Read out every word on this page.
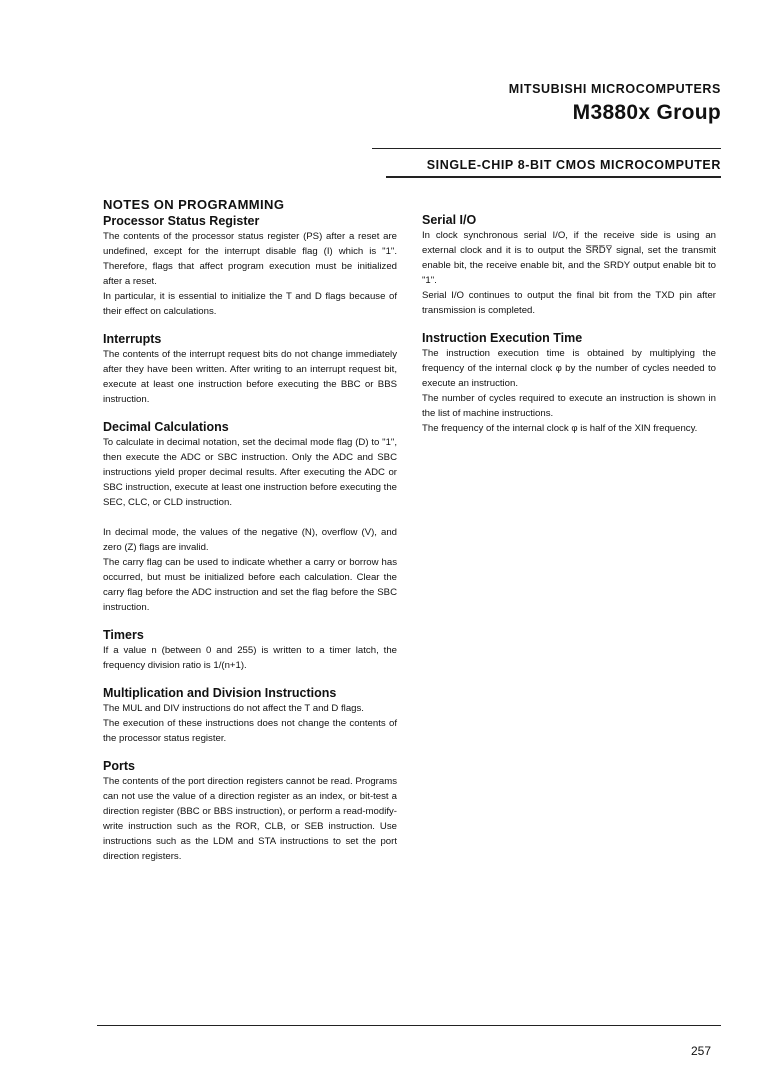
MITSUBISHI MICROCOMPUTERS
M3880x Group
SINGLE-CHIP 8-BIT CMOS MICROCOMPUTER
NOTES ON PROGRAMMING
Processor Status Register

The contents of the processor status register (PS) after a reset are undefined, except for the interrupt disable flag (I) which is "1". Therefore, flags that affect program execution must be initialized after a reset.

In particular, it is essential to initialize the T and D flags because of their effect on calculations.

Interrupts

The contents of the interrupt request bits do not change immediately after they have been written. After writing to an interrupt request bit, execute at least one instruction before executing the BBC or BBS instruction.

Decimal Calculations

To calculate in decimal notation, set the decimal mode flag (D) to "1", then execute the ADC or SBC instruction. Only the ADC and SBC instructions yield proper decimal results. After executing the ADC or SBC instruction, execute at least one instruction before executing the SEC, CLC, or CLD instruction.

In decimal mode, the values of the negative (N), overflow (V), and zero (Z) flags are invalid.

The carry flag can be used to indicate whether a carry or borrow has occurred, but must be initialized before each calculation. Clear the carry flag before the ADC instruction and set the flag before the SBC instruction.

Timers

If a value n (between 0 and 255) is written to a timer latch, the frequency division ratio is 1/(n+1).

Multiplication and Division Instructions

The MUL and DIV instructions do not affect the T and D flags.

The execution of these instructions does not change the contents of the processor status register.

Ports

The contents of the port direction registers cannot be read. Programs can not use the value of a direction register as an index, or bit-test a direction register (BBC or BBS instruction), or perform a read-modify-write instruction such as the ROR, CLB, or SEB instruction. Use instructions such as the LDM and STA instructions to set the port direction registers.

Serial I/O

In clock synchronous serial I/O, if the receive side is using an external clock and it is to output the S̅R̅D̅Y̅ signal, set the transmit enable bit, the receive enable bit, and the SRDY output enable bit to "1".

Serial I/O continues to output the final bit from the TXD pin after transmission is completed.

Instruction Execution Time

The instruction execution time is obtained by multiplying the frequency of the internal clock φ by the number of cycles needed to execute an instruction.

The number of cycles required to execute an instruction is shown in the list of machine instructions.

The frequency of the internal clock φ is half of the XIN frequency.

257
